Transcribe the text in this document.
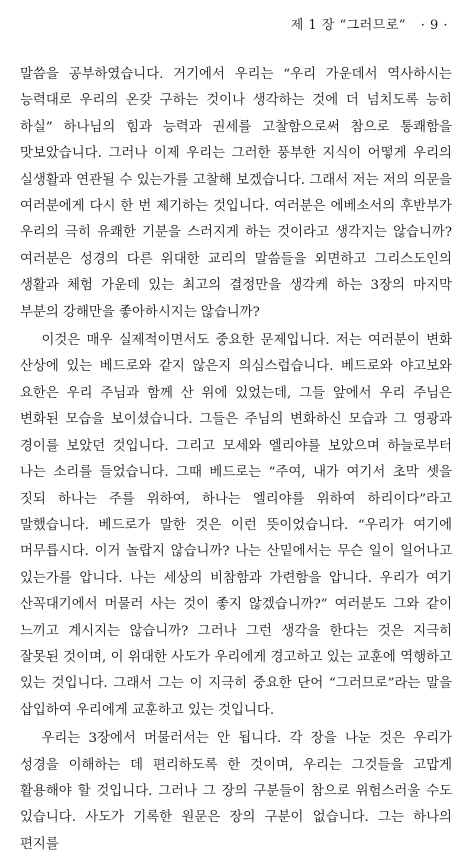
제 1 장 “그러므로” · 9 ·

말씀을 공부하였습니다. 거기에서 우리는 “우리 가운데서 역사하시는 능력대로 우리의 온갖 구하는 것이나 생각하는 것에 더 넘치도록 능히 하실” 하나님의 힘과 능력과 권세를 고찰함으로써 참으로 통쾌함을 맛보았습니다. 그러나 이제 우리는 그러한 풍부한 지식이 어떻게 우리의 실생활과 연관될 수 있는가를 고찰해 보겠습니다. 그래서 저는 저의 의문을 여러분에게 다시 한 번 제기하는 것입니다. 여러분은 에베소서의 후반부가 우리의 극히 유쾌한 기분을 스러지게 하는 것이라고 생각지는 않습니까? 여러분은 성경의 다른 위대한 교리의 말씀들을 외면하고 그리스도인의 생활과 체험 가운데 있는 최고의 결정만을 생각케 하는 3장의 마지막 부분의 강해만을 좋아하시지는 않습니까?

이것은 매우 실제적이면서도 중요한 문제입니다. 저는 여러분이 변화 산상에 있는 베드로와 같지 않은지 의심스럽습니다. 베드로와 야고보와 요한은 우리 주님과 함께 산 위에 있었는데, 그들 앞에서 우리 주님은 변화된 모습을 보이셨습니다. 그들은 주님의 변화하신 모습과 그 영광과 경이를 보았던 것입니다. 그리고 모세와 엘리야를 보았으며 하늘로부터 나는 소리를 들었습니다. 그때 베드로는 “주여, 내가 여기서 초막 셋을 짓되 하나는 주를 위하여, 하나는 엘리야를 위하여 하리이다”라고 말했습니다. 베드로가 말한 것은 이런 뜻이었습니다. “우리가 여기에 머무릅시다. 이거 놀랍지 않습니까? 나는 산밑에서는 무슨 일이 일어나고 있는가를 압니다. 나는 세상의 비참함과 가련함을 압니다. 우리가 여기 산꼭대기에서 머물러 사는 것이 좋지 않겠습니까?” 여러분도 그와 같이 느끼고 계시지는 않습니까? 그러나 그런 생각을 한다는 것은 지극히 잘못된 것이며, 이 위대한 사도가 우리에게 경고하고 있는 교훈에 역행하고 있는 것입니다. 그래서 그는 이 지극히 중요한 단어 “그러므로”라는 말을 삽입하여 우리에게 교훈하고 있는 것입니다.

우리는 3장에서 머물러서는 안 됩니다. 각 장을 나눈 것은 우리가 성경을 이해하는 데 편리하도록 한 것이며, 우리는 그것들을 고맙게 활용해야 할 것입니다. 그러나 그 장의 구분들이 참으로 위험스러울 수도 있습니다. 사도가 기록한 원문은 장의 구분이 없습니다. 그는 하나의 편지를
